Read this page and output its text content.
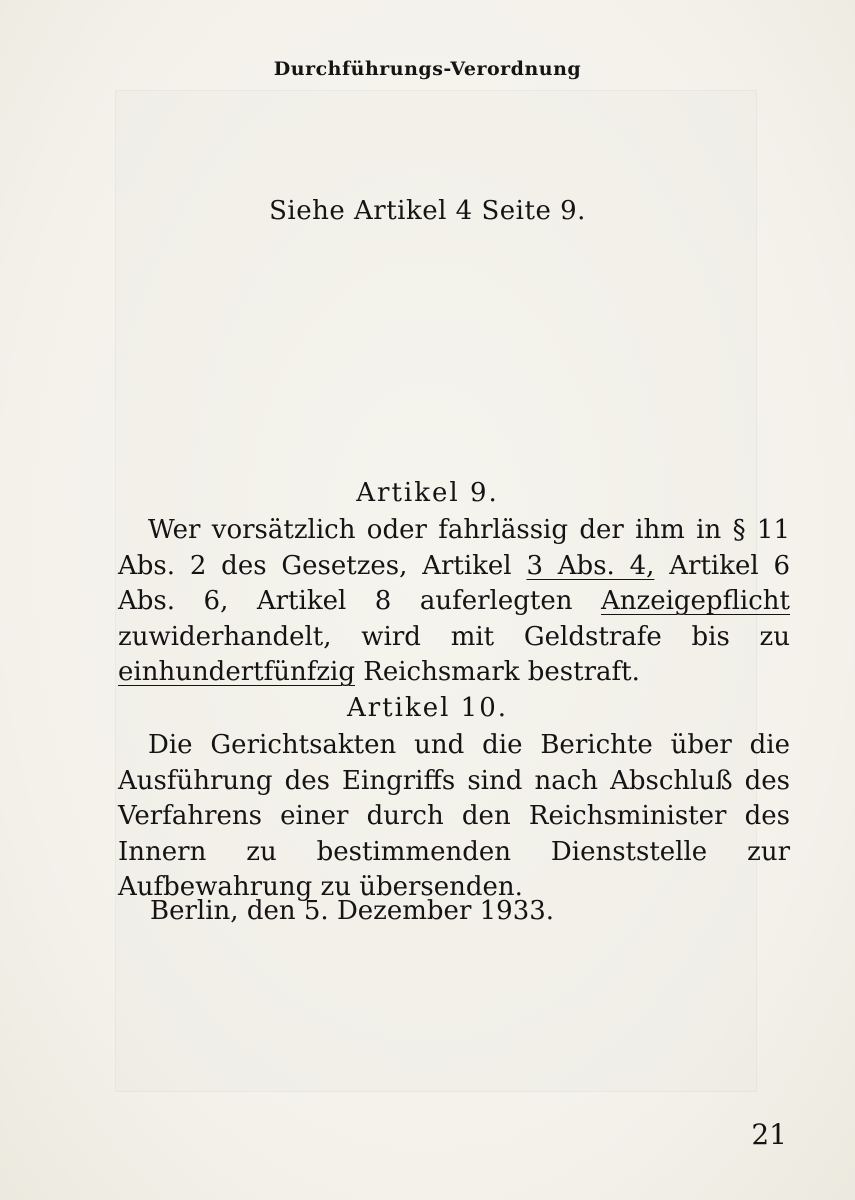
Durchführungs-Verordnung
Siehe Artikel 4 Seite 9.
Artikel 9.
Wer vorsätzlich oder fahrlässig der ihm in § 11 Abs. 2 des Gesetzes, Artikel 3 Abs. 4, Artikel 6 Abs. 6, Artikel 8 auferlegten Anzeigepflicht zuwiderhandelt, wird mit Geldstrafe bis zu einhundertfünfzig Reichsmark bestraft.
Artikel 10.
Die Gerichtsakten und die Berichte über die Ausführung des Eingriffs sind nach Abschluß des Verfahrens einer durch den Reichsminister des Innern zu bestimmenden Dienststelle zur Aufbewahrung zu übersenden.
Berlin, den 5. Dezember 1933.
21
